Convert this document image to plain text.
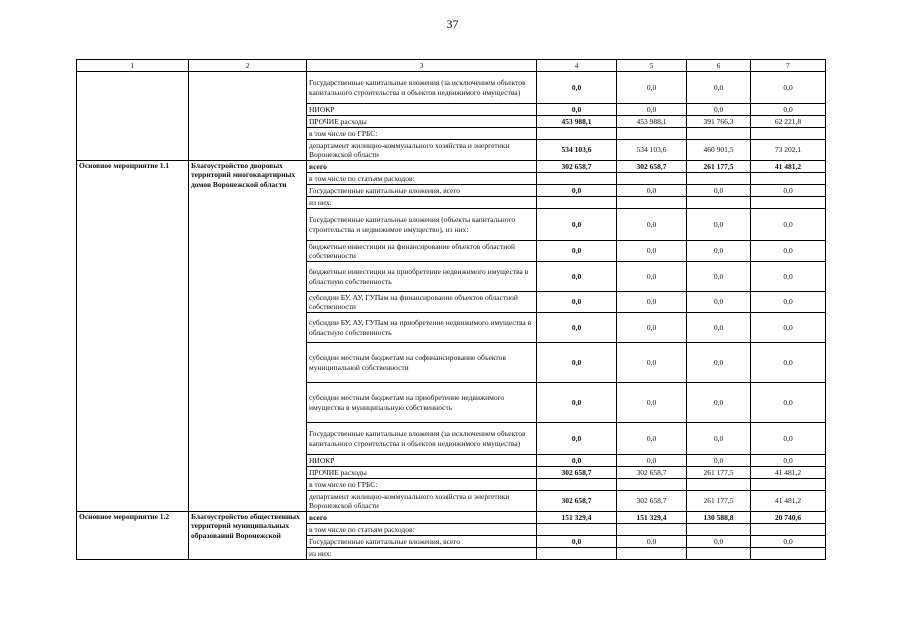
37
1	2	3	4	5	6	7
		Государственные капитальные вложения (за исключением объектов капитального строительства и объектов недвижимого имущества)	0,0	0,0	0,0	0,0
		НИОКР	0,0	0,0	0,0	0,0
		ПРОЧИЕ расходы	453 988,1	453 988,1	391 766,3	62 221,8
		в том числе по ГРБС:				
		департамент жилищно-коммунального хозяйства и энергетики Воронежской области	534 103,6	534 103,6	460 901,5	73 202,1
Основное мероприятие 1.1	Благоустройство дворовых территорий многоквартирных домов Воронежской области	всего	302 658,7	302 658,7	261 177,5	41 481,2
		в том числе по статьям расходов:				
		Государственные капитальные вложения, всего	0,0	0,0	0,0	0,0
		из них:				
		Государственные капитальные вложения (объекты капитального строительства и недвижимое имущество), из них:	0,0	0,0	0,0	0,0
		бюджетные инвестиции на финансирование объектов областной собственности	0,0	0,0	0,0	0,0
		бюджетные инвестиции на приобретение недвижимого имущества в областную собственность	0,0	0,0	0,0	0,0
		субсидии БУ, АУ, ГУПам на финансирование объектов областной собственности	0,0	0,0	0,0	0,0
		субсидии БУ, АУ, ГУПам на приобретение недвижимого имущества в областную собственность	0,0	0,0	0,0	0,0
		субсидии местным бюджетам на софинансирование объектов муниципальной собственности	0,0	0,0	0,0	0,0
		субсидии местным бюджетам на приобретение недвижимого имущества в муниципальную собственность	0,0	0,0	0,0	0,0
		Государственные капитальные вложения (за исключением объектов капитального строительства и объектов недвижимого имущества)	0,0	0,0	0,0	0,0
		НИОКР	0,0	0,0	0,0	0,0
		ПРОЧИЕ расходы	302 658,7	302 658,7	261 177,5	41 481,2
		в том числе по ГРБС:				
		департамент жилищно-коммунального хозяйства и энергетики Воронежской области	302 658,7	302 658,7	261 177,5	41 481,2
Основное мероприятие 1.2	Благоустройство общественных территорий муниципальных образований Воронежской	всего	151 329,4	151 329,4	130 588,8	20 740,6
		в том числе по статьям расходов:				
		Государственные капитальные вложения, всего	0,0	0,0	0,0	0,0
		из них:				
